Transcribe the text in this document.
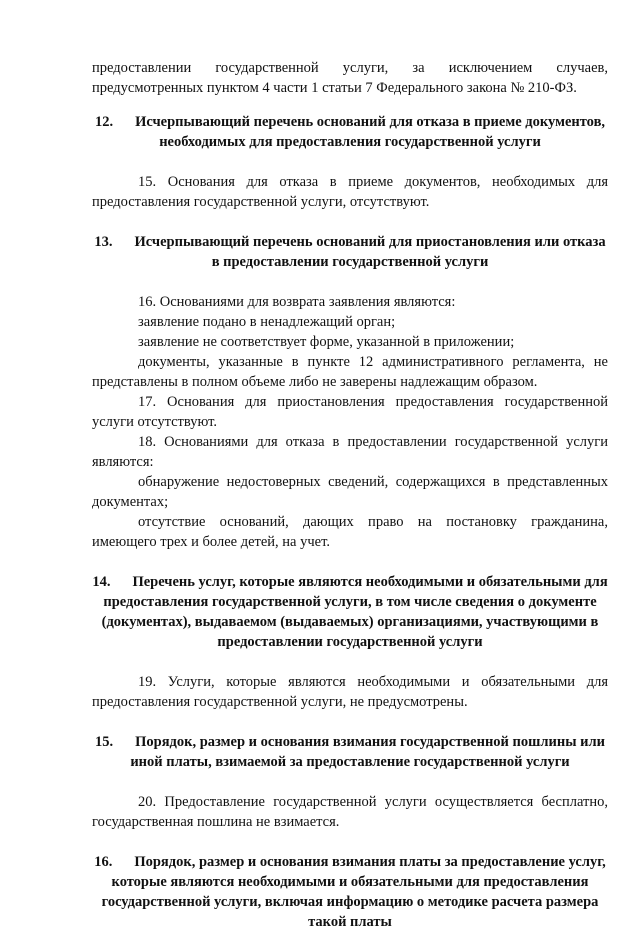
предоставлении государственной услуги, за исключением случаев, предусмотренных пунктом 4 части 1 статьи 7 Федерального закона № 210-ФЗ.

12. Исчерпывающий перечень оснований для отказа в приеме документов, необходимых для предоставления государственной услуги

15. Основания для отказа в приеме документов, необходимых для предоставления государственной услуги, отсутствуют.

13. Исчерпывающий перечень оснований для приостановления или отказа в предоставлении государственной услуги

16. Основаниями для возврата заявления являются:

заявление подано в ненадлежащий орган;

заявление не соответствует форме, указанной в приложении;

документы, указанные в пункте 12 административного регламента, не представлены в полном объеме либо не заверены надлежащим образом.

17. Основания для приостановления предоставления государственной услуги отсутствуют.

18. Основаниями для отказа в предоставлении государственной услуги являются:

обнаружение недостоверных сведений, содержащихся в представленных документах;

отсутствие оснований, дающих право на постановку гражданина, имеющего трех и более детей, на учет.

14. Перечень услуг, которые являются необходимыми и обязательными для предоставления государственной услуги, в том числе сведения о документе (документах), выдаваемом (выдаваемых) организациями, участвующими в предоставлении государственной услуги

19. Услуги, которые являются необходимыми и обязательными для предоставления государственной услуги, не предусмотрены.

15. Порядок, размер и основания взимания государственной пошлины или иной платы, взимаемой за предоставление государственной услуги

20. Предоставление государственной услуги осуществляется бесплатно, государственная пошлина не взимается.

16. Порядок, размер и основания взимания платы за предоставление услуг, которые являются необходимыми и обязательными для предоставления государственной услуги, включая информацию о методике расчета размера такой платы
